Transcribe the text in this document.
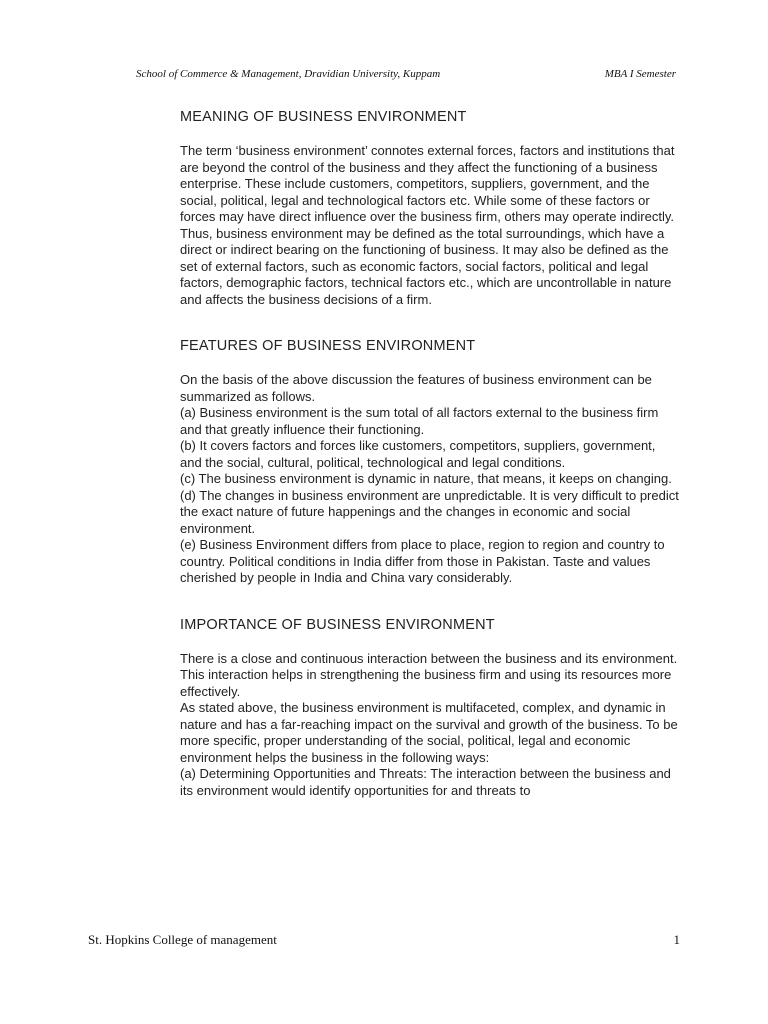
School of Commerce & Management, Dravidian University, Kuppam	MBA I Semester
MEANING OF BUSINESS ENVIRONMENT

The term ‘business environment’ connotes external forces, factors and institutions that are beyond the control of the business and they affect the functioning of a business enterprise. These include customers, competitors, suppliers, government, and the social, political, legal and technological factors etc. While some of these factors or forces may have direct influence over the business firm, others may operate indirectly. Thus, business environment may be defined as the total surroundings, which have a direct or indirect bearing on the functioning of business. It may also be defined as the set of external factors, such as economic factors, social factors, political and legal factors, demographic factors, technical factors etc., which are uncontrollable in nature and affects the business decisions of a firm.

FEATURES OF BUSINESS ENVIRONMENT

On the basis of the above discussion the features of business environment can be summarized as follows.

(a) Business environment is the sum total of all factors external to the business firm and that greatly influence their functioning.

(b) It covers factors and forces like customers, competitors, suppliers, government, and the social, cultural, political, technological and legal conditions.

(c) The business environment is dynamic in nature, that means, it keeps on changing.

(d) The changes in business environment are unpredictable. It is very difficult to predict the exact nature of future happenings and the changes in economic and social environment.

(e) Business Environment differs from place to place, region to region and country to country. Political conditions in India differ from those in Pakistan. Taste and values cherished by people in India and China vary considerably.

IMPORTANCE OF BUSINESS ENVIRONMENT

There is a close and continuous interaction between the business and its environment. This interaction helps in strengthening the business firm and using its resources more effectively.

As stated above, the business environment is multifaceted, complex, and dynamic in nature and has a far-reaching impact on the survival and growth of the business. To be more specific, proper understanding of the social, political, legal and economic environment helps the business in the following ways:

(a) Determining Opportunities and Threats: The interaction between the business and its environment would identify opportunities for and threats to

St. Hopkins College of management	1
